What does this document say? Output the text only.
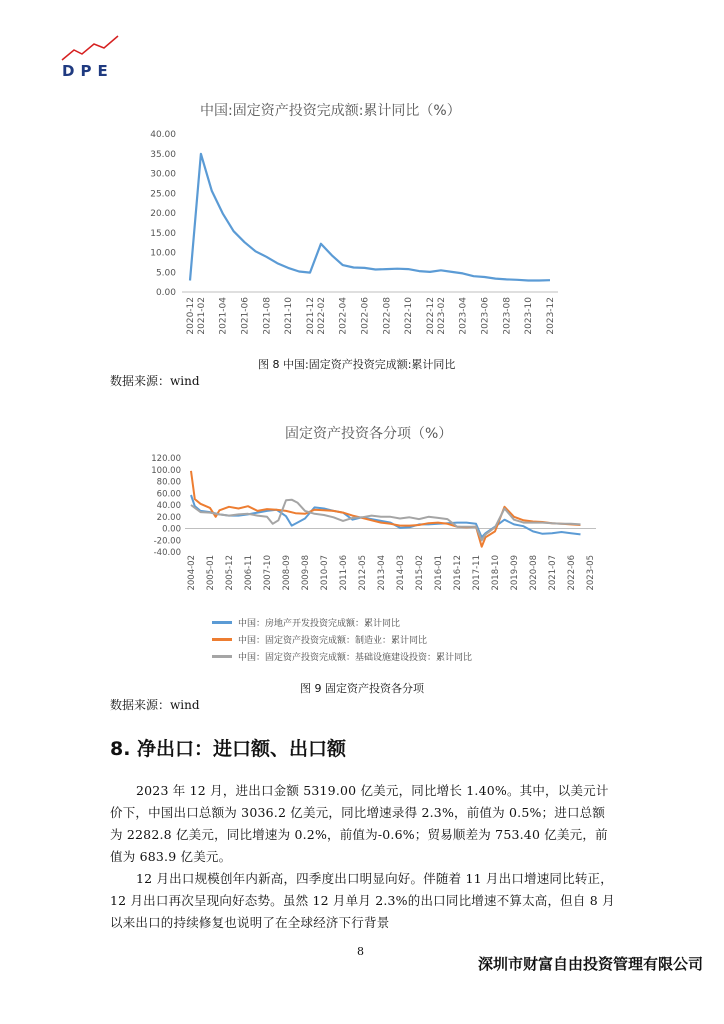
DPE
中国:固定资产投资完成额:累计同比（%）
0.00
5.00
10.00
15.00
20.00
25.00
30.00
35.00
40.00
2020-12 2021-02 2021-04 2021-06 2021-08 2021-10 2021-12 2022-02 2022-04 2022-06 2022-08 2022-10 2022-12 2023-02 2023-04 2023-06 2023-08 2023-10 2023-12
图 8 中国:固定资产投资完成额:累计同比
数据来源：wind
固定资产投资各分项（%）
-40.00
-20.00
0.00
20.00
40.00
60.00
80.00
100.00
120.00
2004-02 2005-01 2005-12 2006-11 2007-10 2008-09 2009-08 2010-07 2011-06 2012-05 2013-04 2014-03 2015-02 2016-01 2016-12 2017-11 2018-10 2019-09 2020-08 2021-07 2022-06 2023-05
中国：房地产开发投资完成额：累计同比
中国：固定资产投资完成额：制造业：累计同比
中国：固定资产投资完成额：基础设施建设投资：累计同比
图 9 固定资产投资各分项
数据来源：wind
8. 净出口：进口额、出口额

2023 年 12 月，进出口金额 5319.00 亿美元，同比增长 1.40%。其中，以美元计价下，中国出口总额为 3036.2 亿美元，同比增速录得 2.3%，前值为 0.5%；进口总额为 2282.8 亿美元，同比增速为 0.2%，前值为-0.6%；贸易顺差为 753.40 亿美元，前值为 683.9 亿美元。

12 月出口规模创年内新高，四季度出口明显向好。伴随着 11 月出口增速同比转正，12 月出口再次呈现向好态势。虽然 12 月单月 2.3%的出口同比增速不算太高，但自 8 月以来出口的持续修复也说明了在全球经济下行背景

8
深圳市财富自由投资管理有限公司
